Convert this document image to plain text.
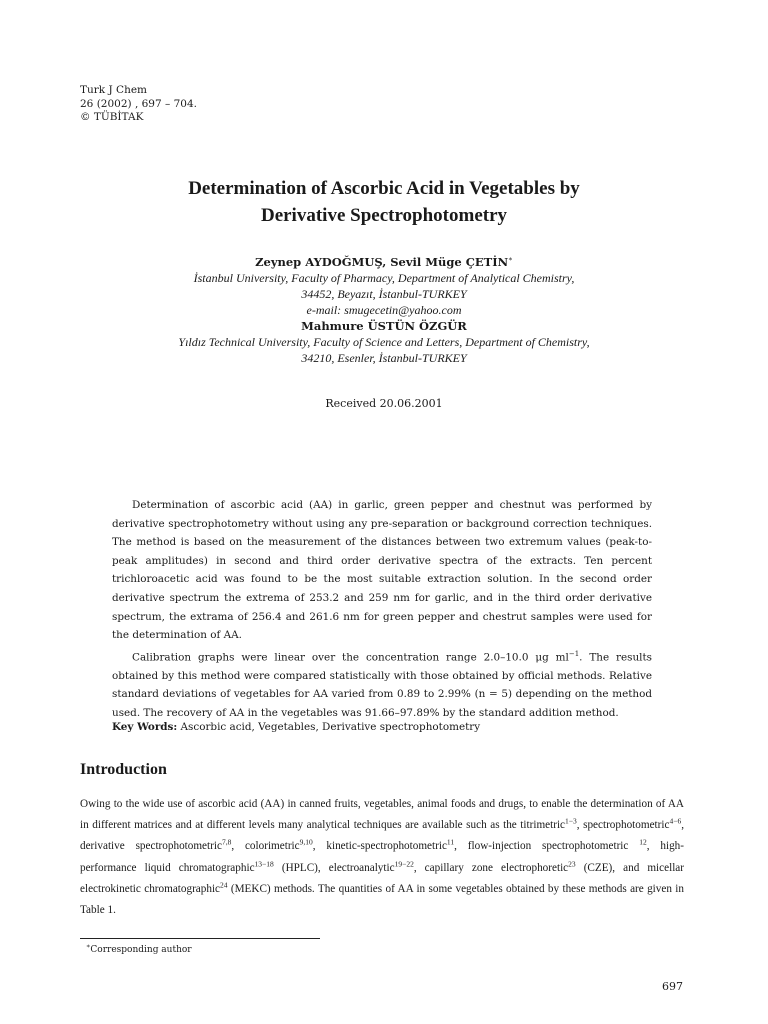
Turk J Chem
26 (2002) , 697 – 704.
© TÜBİTAK
Determination of Ascorbic Acid in Vegetables by
Derivative Spectrophotometry
Zeynep AYDOĞMUŞ, Sevil Müge ÇETİN∗
İstanbul University, Faculty of Pharmacy, Department of Analytical Chemistry,
34452, Beyazıt, İstanbul-TURKEY
e-mail: smugecetin@yahoo.com
Mahmure ÜSTÜN ÖZGÜR
Yıldız Technical University, Faculty of Science and Letters, Department of Chemistry,
34210, Esenler, İstanbul-TURKEY
Received 20.06.2001

Determination of ascorbic acid (AA) in garlic, green pepper and chestnut was performed by derivative spectrophotometry without using any pre-separation or background correction techniques. The method is based on the measurement of the distances between two extremum values (peak-to-peak amplitudes) in second and third order derivative spectra of the extracts. Ten percent trichloroacetic acid was found to be the most suitable extraction solution. In the second order derivative spectrum the extrema of 253.2 and 259 nm for garlic, and in the third order derivative spectrum, the extrama of 256.4 and 261.6 nm for green pepper and chestrut samples were used for the determination of AA.

Calibration graphs were linear over the concentration range 2.0–10.0 μg $ml^{-1}$. The results obtained by this method were compared statistically with those obtained by official methods. Relative standard deviations of vegetables for AA varied from 0.89 to 2.99% (n = 5) depending on the method used. The recovery of AA in the vegetables was 91.66–97.89% by the standard addition method.

Key Words: Ascorbic acid, Vegetables, Derivative spectrophotometry
Introduction

Owing to the wide use of ascorbic acid (AA) in canned fruits, vegetables, animal foods and drugs, to enable the determination of AA in different matrices and at different levels many analytical techniques are available such as the titrimetric$^{1-3}$, spectrophotometric$^{4-6}$, derivative spectrophotometric$^{7,8}$, colorimetric$^{9,10}$, kinetic-spectrophotometric$^{11}$, flow-injection spectrophotometric $^{12}$, high-performance liquid chromatographic$^{13-18}$ (HPLC), electroanalytic$^{19-22}$, capillary zone electrophoretic$^{23}$ (CZE), and micellar electrokinetic chromatographic$^{24}$ (MEKC) methods. The quantities of AA in some vegetables obtained by these methods are given in Table 1.

∗Corresponding author
697
